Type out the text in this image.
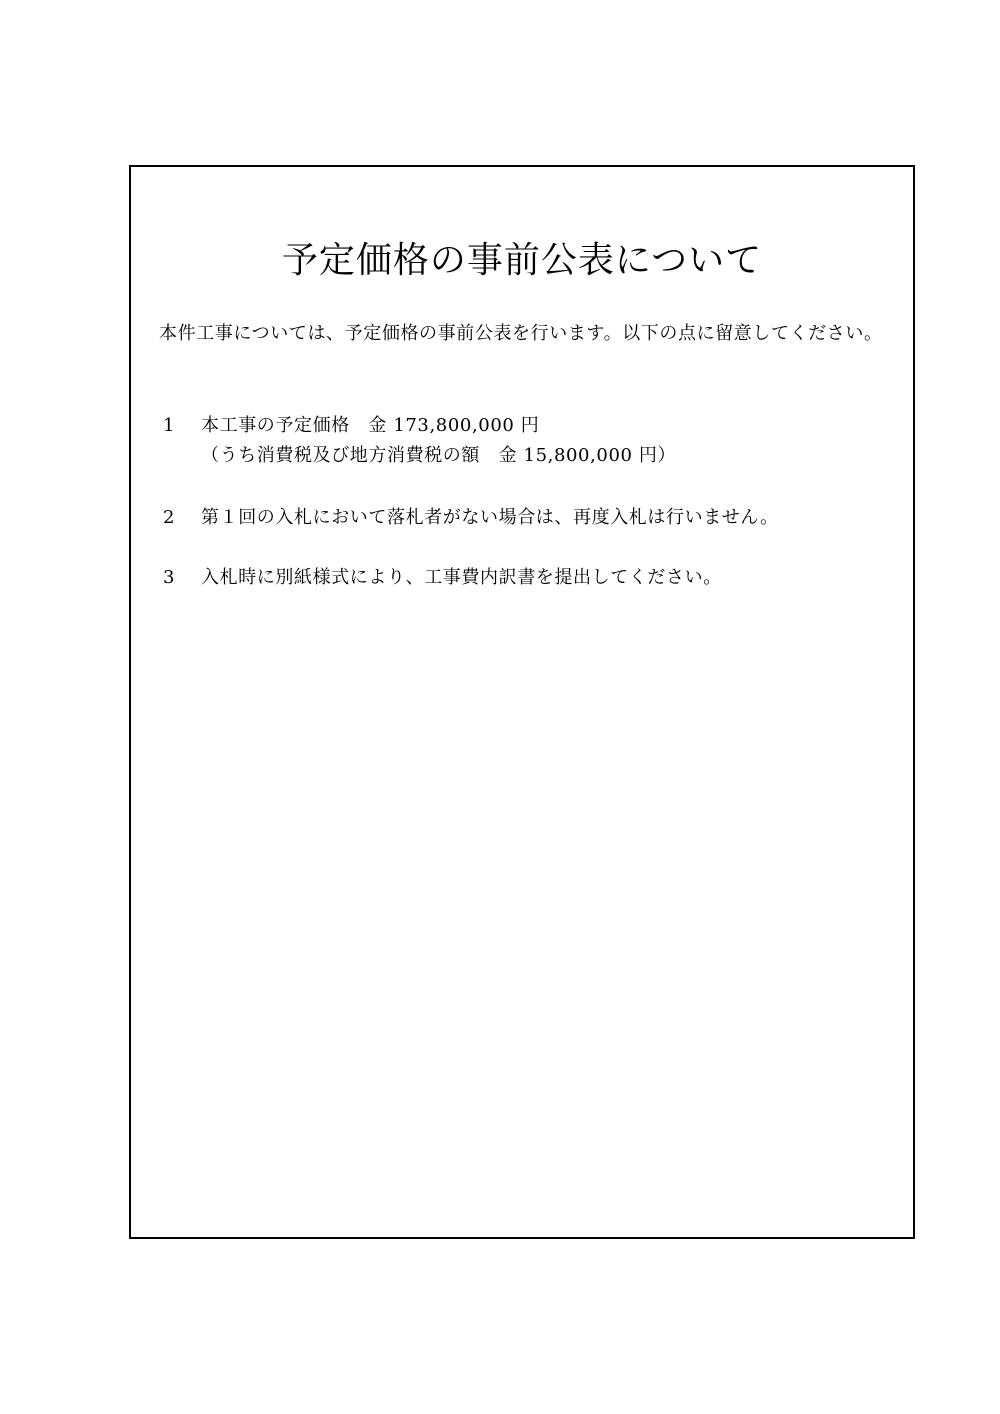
予定価格の事前公表について
本件工事については、予定価格の事前公表を行います。以下の点に留意してください。
1 本工事の予定価格　金 173,800,000 円
（うち消費税及び地方消費税の額　金 15,800,000 円）
2 第１回の入札において落札者がない場合は、再度入札は行いません。
3 入札時に別紙様式により、工事費内訳書を提出してください。
